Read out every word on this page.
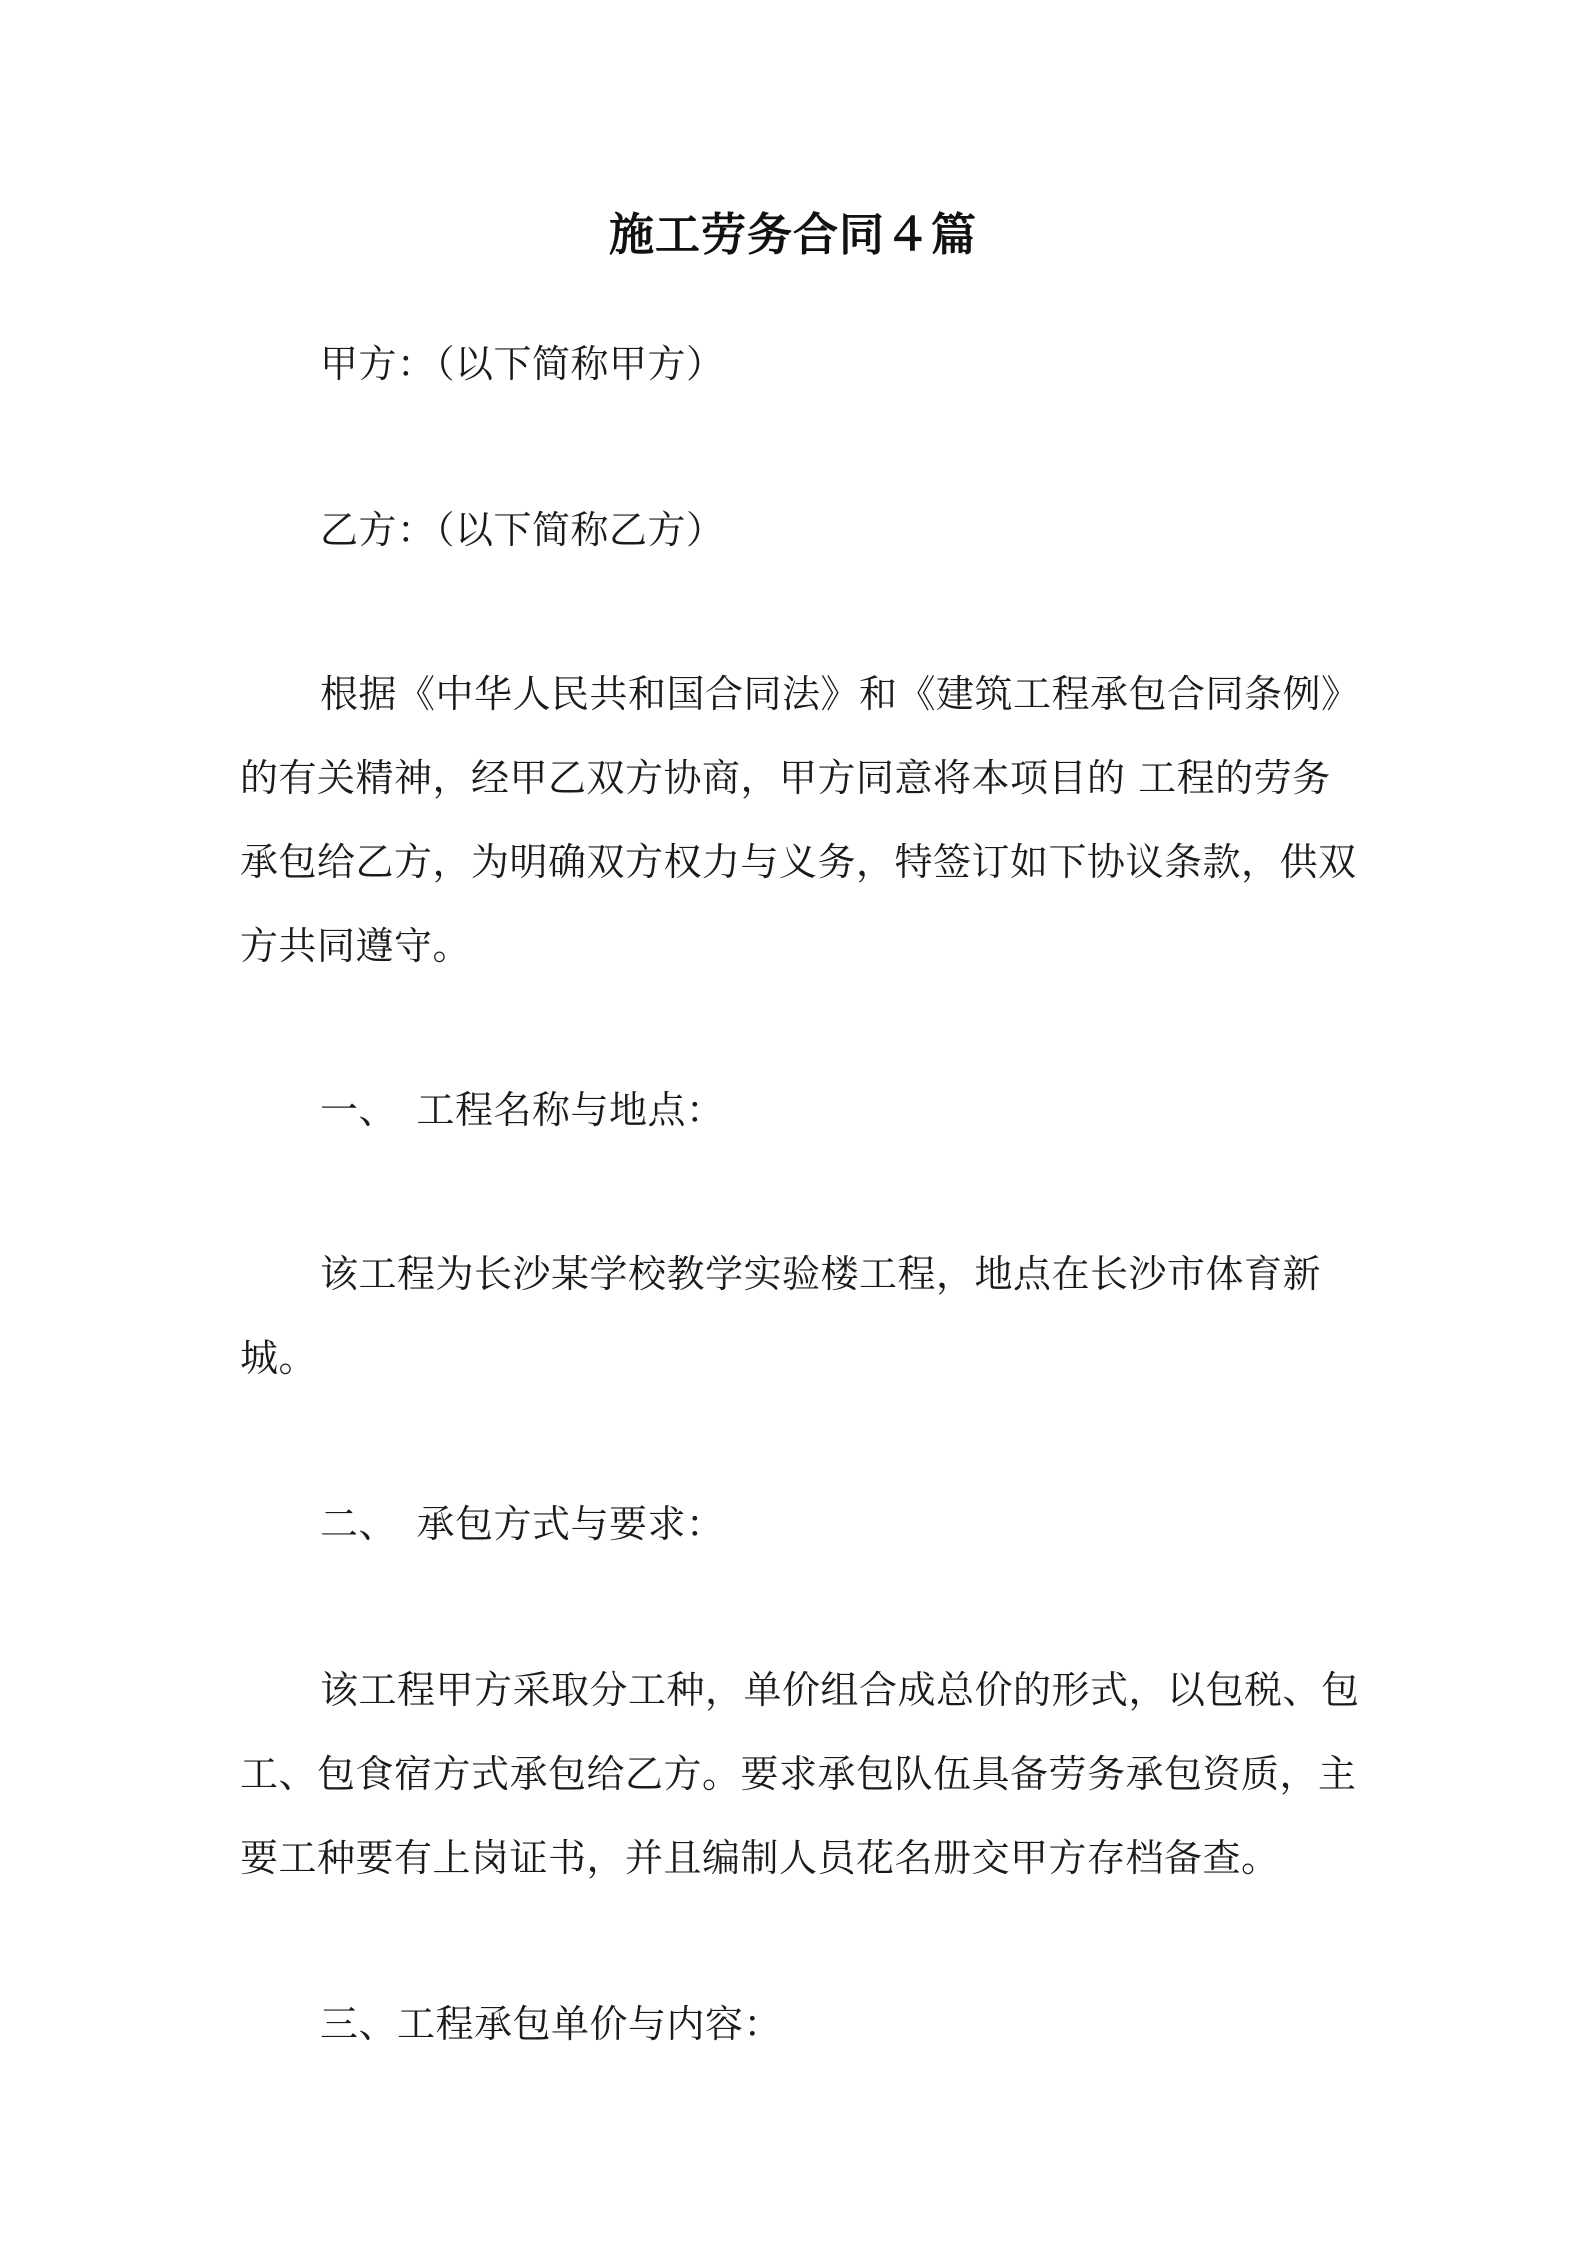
施工劳务合同４篇

甲方：（以下简称甲方）

乙方：（以下简称乙方）

根据《中华人民共和国合同法》和《建筑工程承包合同条例》的有关精神，经甲乙双方协商，甲方同意将本项目的 工程的劳务承包给乙方，为明确双方权力与义务，特签订如下协议条款，供双方共同遵守。

一、　工程名称与地点：

该工程为长沙某学校教学实验楼工程，地点在长沙市体育新城。

二、　承包方式与要求：

该工程甲方采取分工种，单价组合成总价的形式，以包税、包工、包食宿方式承包给乙方。要求承包队伍具备劳务承包资质，主要工种要有上岗证书，并且编制人员花名册交甲方存档备查。

三、工程承包单价与内容：
